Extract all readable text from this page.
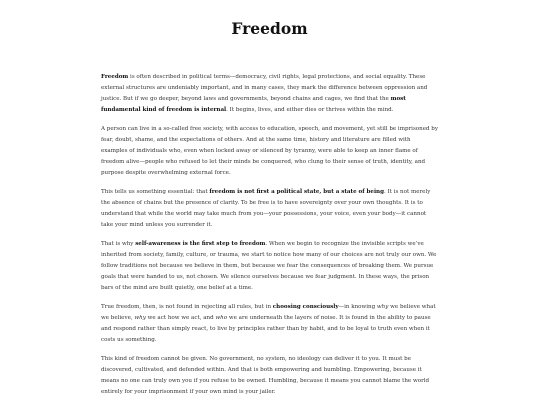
Freedom

Freedom is often described in political terms—democracy, civil rights, legal protections, and social equality. These external structures are undeniably important, and in many cases, they mark the difference between oppression and justice. But if we go deeper, beyond laws and governments, beyond chains and cages, we find that the most fundamental kind of freedom is internal. It begins, lives, and either dies or thrives within the mind.

A person can live in a so-called free society, with access to education, speech, and movement, yet still be imprisoned by fear, doubt, shame, and the expectations of others. And at the same time, history and literature are filled with examples of individuals who, even when locked away or silenced by tyranny, were able to keep an inner flame of freedom alive—people who refused to let their minds be conquered, who clung to their sense of truth, identity, and purpose despite overwhelming external force.

This tells us something essential: that freedom is not first a political state, but a state of being. It is not merely the absence of chains but the presence of clarity. To be free is to have sovereignty over your own thoughts. It is to understand that while the world may take much from you—your possessions, your voice, even your body—it cannot take your mind unless you surrender it.

That is why self-awareness is the first step to freedom. When we begin to recognize the invisible scripts we’ve inherited from society, family, culture, or trauma, we start to notice how many of our choices are not truly our own. We follow traditions not because we believe in them, but because we fear the consequences of breaking them. We pursue goals that were handed to us, not chosen. We silence ourselves because we fear judgment. In these ways, the prison bars of the mind are built quietly, one belief at a time.

True freedom, then, is not found in rejecting all rules, but in choosing consciously—in knowing why we believe what we believe, why we act how we act, and who we are underneath the layers of noise. It is found in the ability to pause and respond rather than simply react, to live by principles rather than by habit, and to be loyal to truth even when it costs us something.

This kind of freedom cannot be given. No government, no system, no ideology can deliver it to you. It must be discovered, cultivated, and defended within. And that is both empowering and humbling. Empowering, because it means no one can truly own you if you refuse to be owned. Humbling, because it means you cannot blame the world entirely for your imprisonment if your own mind is your jailer.
